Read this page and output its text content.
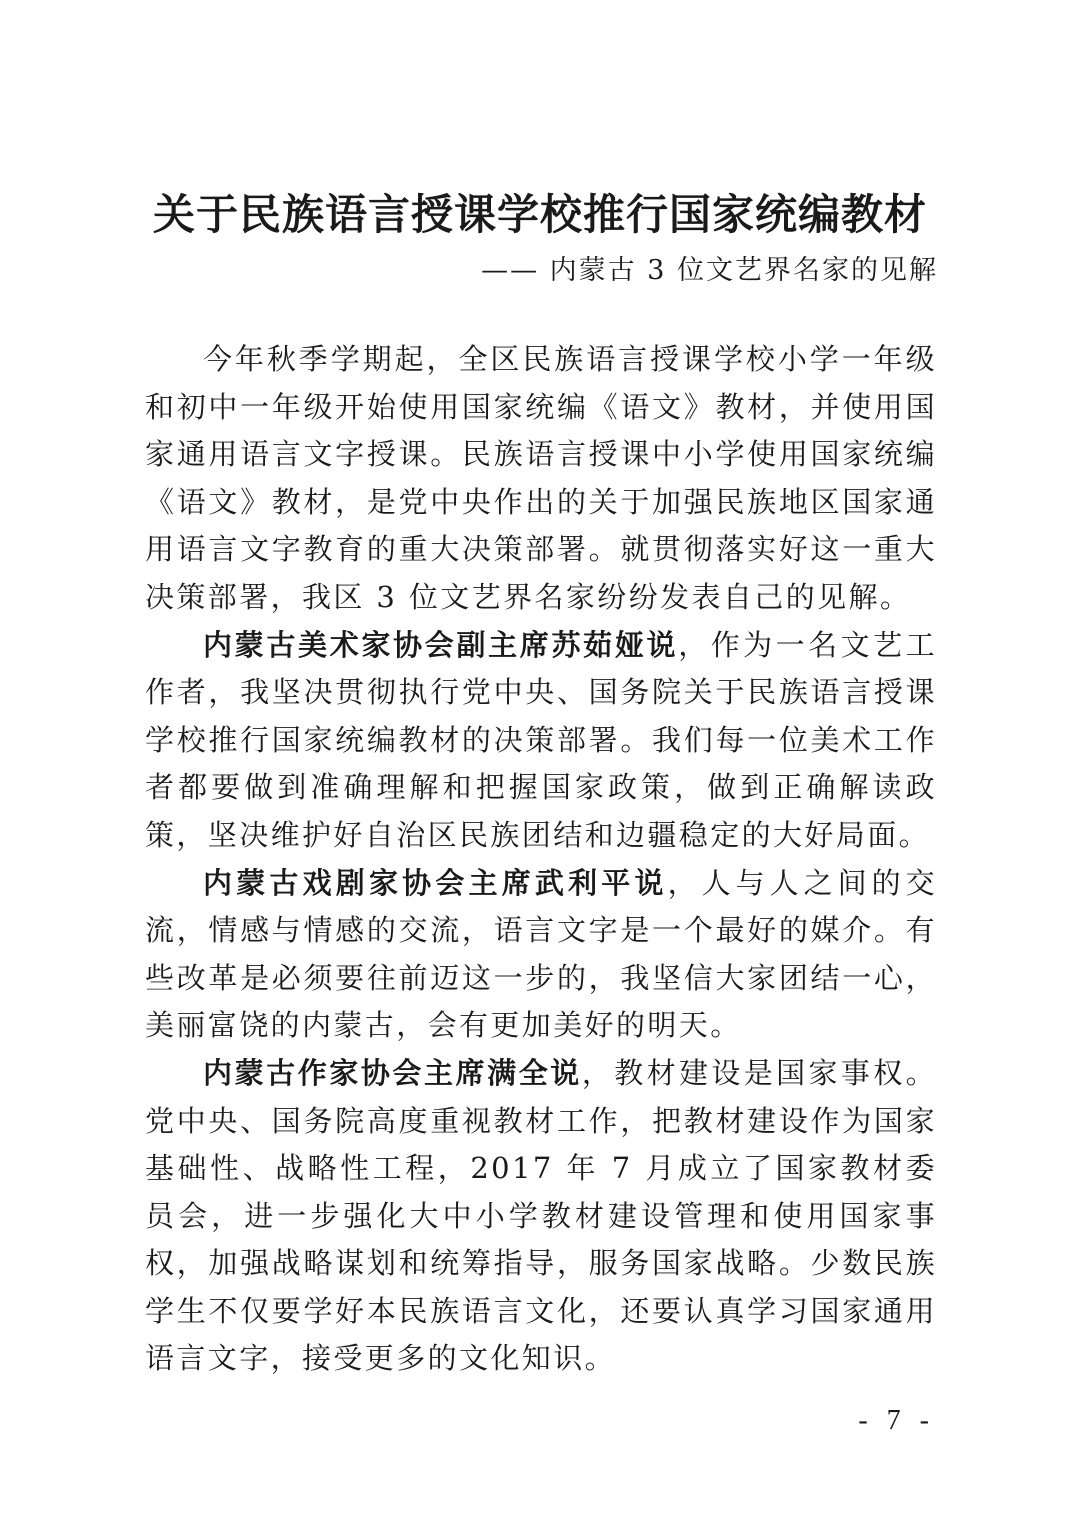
关于民族语言授课学校推行国家统编教材
—— 内蒙古 3 位文艺界名家的见解

今年秋季学期起，全区民族语言授课学校小学一年级和初中一年级开始使用国家统编《语文》教材，并使用国家通用语言文字授课。民族语言授课中小学使用国家统编《语文》教材，是党中央作出的关于加强民族地区国家通用语言文字教育的重大决策部署。就贯彻落实好这一重大决策部署，我区 3 位文艺界名家纷纷发表自己的见解。

内蒙古美术家协会副主席苏茹娅说，作为一名文艺工作者，我坚决贯彻执行党中央、国务院关于民族语言授课学校推行国家统编教材的决策部署。我们每一位美术工作者都要做到准确理解和把握国家政策，做到正确解读政策，坚决维护好自治区民族团结和边疆稳定的大好局面。

内蒙古戏剧家协会主席武利平说，人与人之间的交流，情感与情感的交流，语言文字是一个最好的媒介。有些改革是必须要往前迈这一步的，我坚信大家团结一心，美丽富饶的内蒙古，会有更加美好的明天。

内蒙古作家协会主席满全说，教材建设是国家事权。党中央、国务院高度重视教材工作，把教材建设作为国家基础性、战略性工程，2017 年 7 月成立了国家教材委员会，进一步强化大中小学教材建设管理和使用国家事权，加强战略谋划和统筹指导，服务国家战略。少数民族学生不仅要学好本民族语言文化，还要认真学习国家通用语言文字，接受更多的文化知识。

- 7 -
